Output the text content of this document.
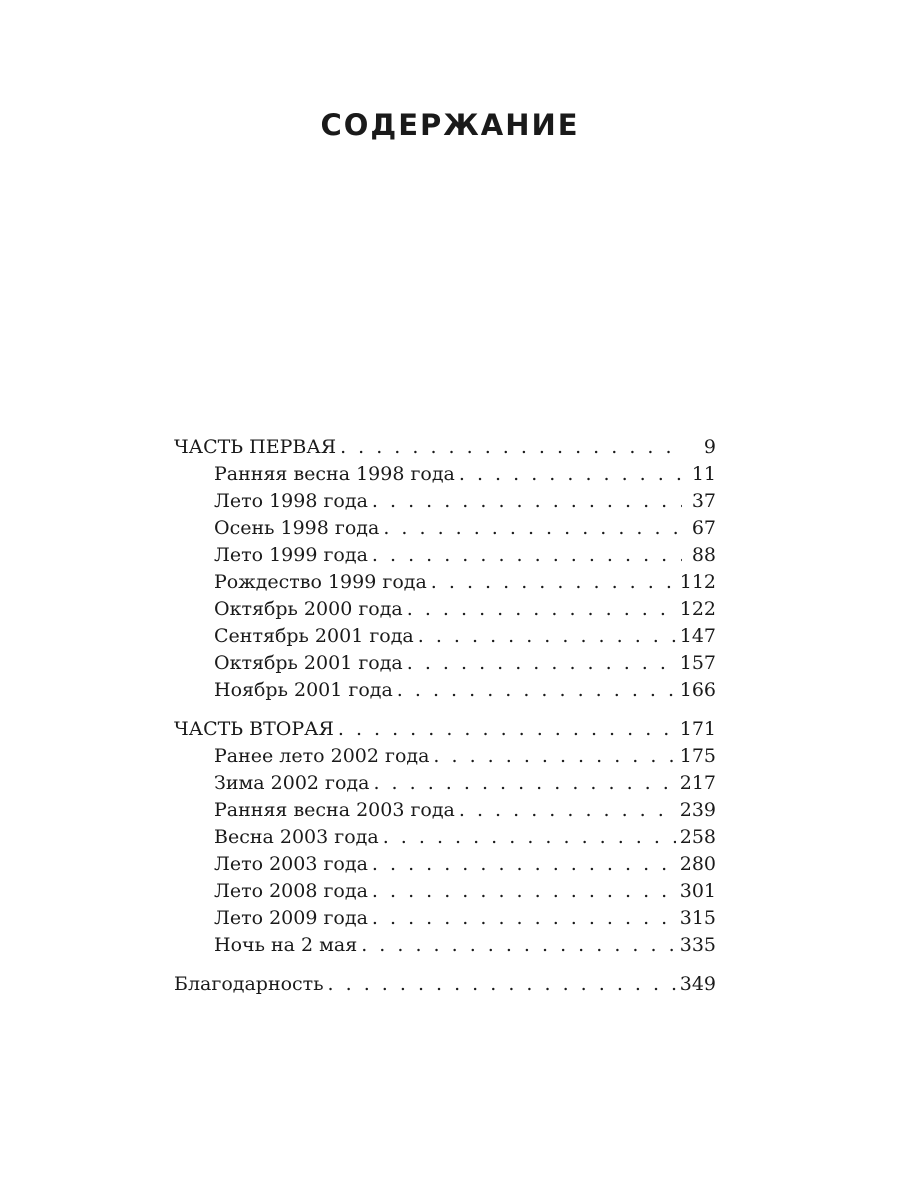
СОДЕРЖАНИЕ
ЧАСТЬ ПЕРВАЯ . . .	9
Ранняя весна 1998 года . . .	11
Лето 1998 года . . .	37
Осень 1998 года . . .	67
Лето 1999 года . . .	88
Рождество 1999 года . . .	112
Октябрь 2000 года . . .	122
Сентябрь 2001 года . . .	147
Октябрь 2001 года . . .	157
Ноябрь 2001 года . . .	166
ЧАСТЬ ВТОРАЯ . . .	171
Ранее лето 2002 года . . .	175
Зима 2002 года . . .	217
Ранняя весна 2003 года . . .	239
Весна 2003 года . . .	258
Лето 2003 года . . .	280
Лето 2008 года . . .	301
Лето 2009 года . . .	315
Ночь на 2 мая . . .	335
Благодарность . . .	349
